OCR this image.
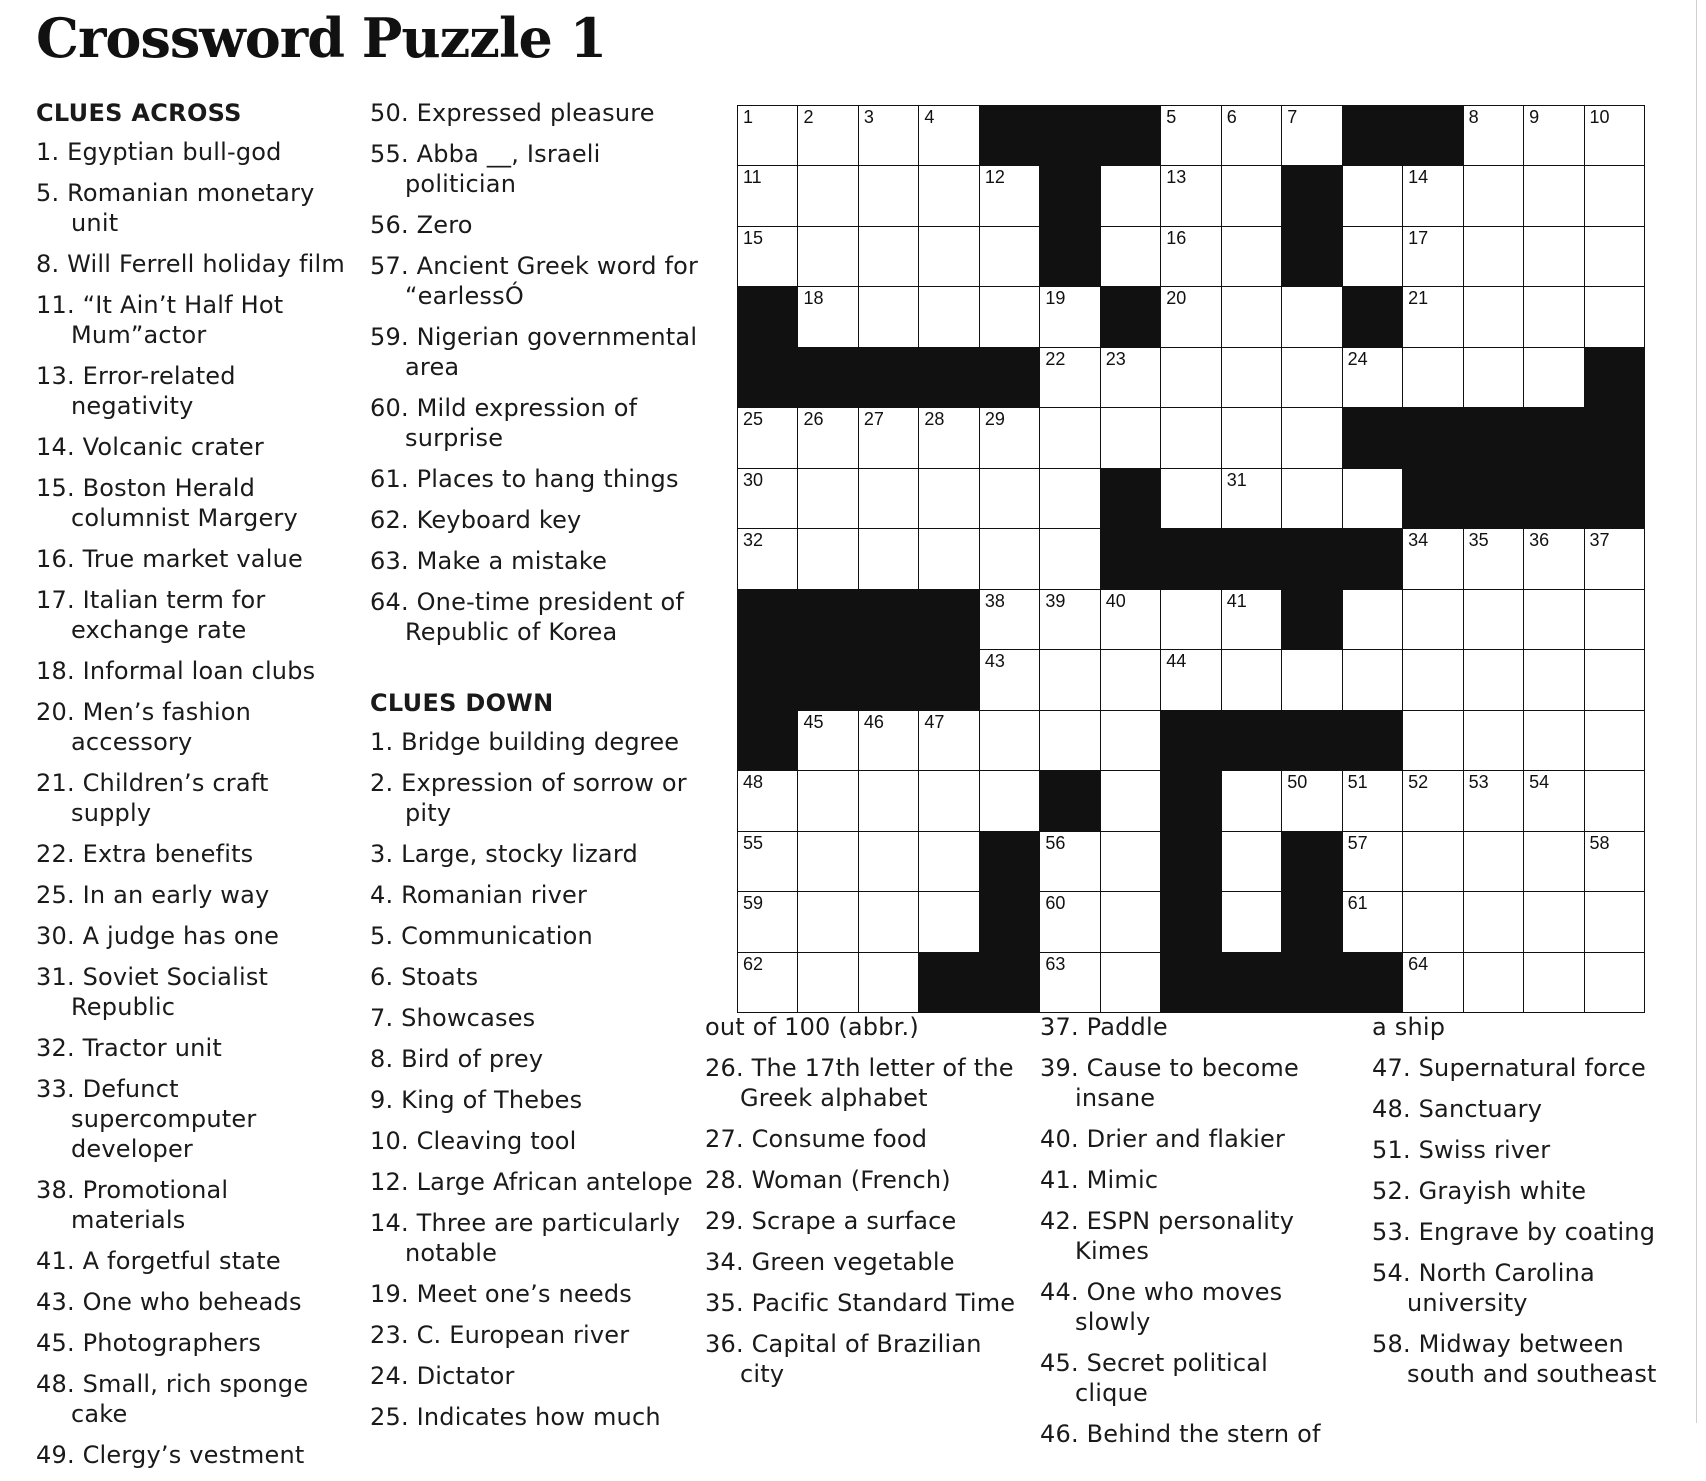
Crossword Puzzle 1
CLUES ACROSS
1. Egyptian bull-god
5. Romanian monetary unit
8. Will Ferrell holiday film
11. “It Ain’t Half Hot Mum”actor
13. Error-related negativity
14. Volcanic crater
15. Boston Herald columnist Margery
16. True market value
17. Italian term for exchange rate
18. Informal loan clubs
20. Men’s fashion accessory
21. Children’s craft supply
22. Extra benefits
25. In an early way
30. A judge has one
31. Soviet Socialist Republic
32. Tractor unit
33. Defunct supercomputer developer
38. Promotional materials
41. A forgetful state
43. One who beheads
45. Photographers
48. Small, rich sponge cake
49. Clergy’s vestment
50. Expressed pleasure
55. Abba __, Israeli politician
56. Zero
57. Ancient Greek word for “earlessÓ
59. Nigerian governmental area
60. Mild expression of surprise
61. Places to hang things
62. Keyboard key
63. Make a mistake
64. One-time president of Republic of Korea
CLUES DOWN
1. Bridge building degree
2. Expression of sorrow or pity
3. Large, stocky lizard
4. Romanian river
5. Communication
6. Stoats
7. Showcases
8. Bird of prey
9. King of Thebes
10. Cleaving tool
12. Large African antelope
14. Three are particularly notable
19. Meet one’s needs
23. C. European river
24. Dictator
25. Indicates how much
out of 100 (abbr.)
26. The 17th letter of the Greek alphabet
27. Consume food
28. Woman (French)
29. Scrape a surface
34. Green vegetable
35. Pacific Standard Time
36. Capital of Brazilian city
37. Paddle
39. Cause to become insane
40. Drier and flakier
41. Mimic
42. ESPN personality Kimes
44. One who moves slowly
45. Secret political clique
46. Behind the stern of
a ship
47. Supernatural force
48. Sanctuary
51. Swiss river
52. Grayish white
53. Engrave by coating
54. North Carolina university
58. Midway between south and southeast
1	2	3	4	5	6	7	8	9	10
11	12	13	14
15	16	17
18	19	20	21
22 23	24
25 26 27 28 29
30	31
32	34 35 36 37
38 39 40	41
43	44
45 46 47
48	50 51 52 53 54
55	56	57	58
59	60	61
62	63	64
